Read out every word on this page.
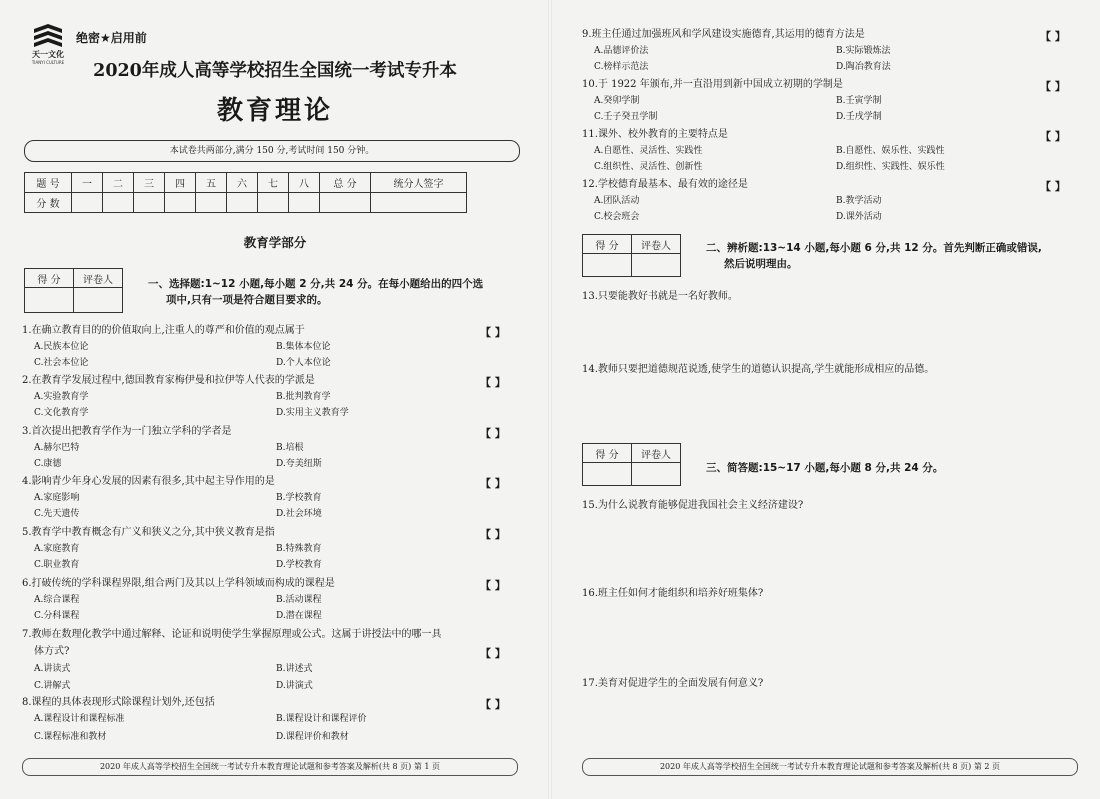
天一文化
TIANYI CULTURE
绝密★启用前
2020年成人高等学校招生全国统一考试专升本
教育理论
本试卷共两部分,满分 150 分,考试时间 150 分钟。
题 号	一	二	三	四	五	六	七	八	总 分	统分人签字
分 数										
教育学部分
得 分	评卷人
		一、选择题:1~12 小题,每小题 2 分,共 24 分。在每小题给出的四个选
项中,只有一项是符合题目要求的。
1.在确立教育目的的价值取向上,注重人的尊严和价值的观点属于	【 】
A.民族本位论	B.集体本位论
C.社会本位论	D.个人本位论
2.在教育学发展过程中,德国教育家梅伊曼和拉伊等人代表的学派是	【 】
A.实验教育学	B.批判教育学
C.文化教育学	D.实用主义教育学
3.首次提出把教育学作为一门独立学科的学者是	【 】
A.赫尔巴特	B.培根
C.康德	D.夸美纽斯
4.影响青少年身心发展的因素有很多,其中起主导作用的是	【 】
A.家庭影响	B.学校教育
C.先天遗传	D.社会环境
5.教育学中教育概念有广义和狭义之分,其中狭义教育是指	【 】
A.家庭教育	B.特殊教育
C.职业教育	D.学校教育
6.打破传统的学科课程界限,组合两门及其以上学科领域而构成的课程是	【 】
A.综合课程	B.活动课程
C.分科课程	D.潜在课程
7.教师在数理化教学中通过解释、论证和说明使学生掌握原理或公式。这属于讲授法中的哪一具
体方式?	【 】
A.讲读式	B.讲述式
C.讲解式	D.讲演式
8.课程的具体表现形式除课程计划外,还包括	【 】
A.课程设计和课程标准	B.课程设计和课程评价
C.课程标准和教材	D.课程评价和教材
2020 年成人高等学校招生全国统一考试专升本教育理论试题和参考答案及解析(共 8 页) 第 1 页
9.班主任通过加强班风和学风建设实施德育,其运用的德育方法是	【 】
A.品德评价法	B.实际锻炼法
C.榜样示范法	D.陶冶教育法
10.于 1922 年颁布,并一直沿用到新中国成立初期的学制是	【 】
A.癸卯学制	B.壬寅学制
C.壬子癸丑学制	D.壬戌学制
11.课外、校外教育的主要特点是	【 】
A.自愿性、灵活性、实践性	B.自愿性、娱乐性、实践性
C.组织性、灵活性、创新性	D.组织性、实践性、娱乐性
12.学校德育最基本、最有效的途径是	【 】
A.团队活动	B.教学活动
C.校会班会	D.课外活动
得 分	评卷人
		二、辨析题:13~14 小题,每小题 6 分,共 12 分。首先判断正确或错误,
然后说明理由。
13.只要能教好书就是一名好教师。
14.教师只要把道德规范说透,使学生的道德认识提高,学生就能形成相应的品德。
得 分	评卷人

三、简答题:15~17 小题,每小题 8 分,共 24 分。
15.为什么说教育能够促进我国社会主义经济建设?
16.班主任如何才能组织和培养好班集体?
17.美育对促进学生的全面发展有何意义?
2020 年成人高等学校招生全国统一考试专升本教育理论试题和参考答案及解析(共 8 页) 第 2 页
